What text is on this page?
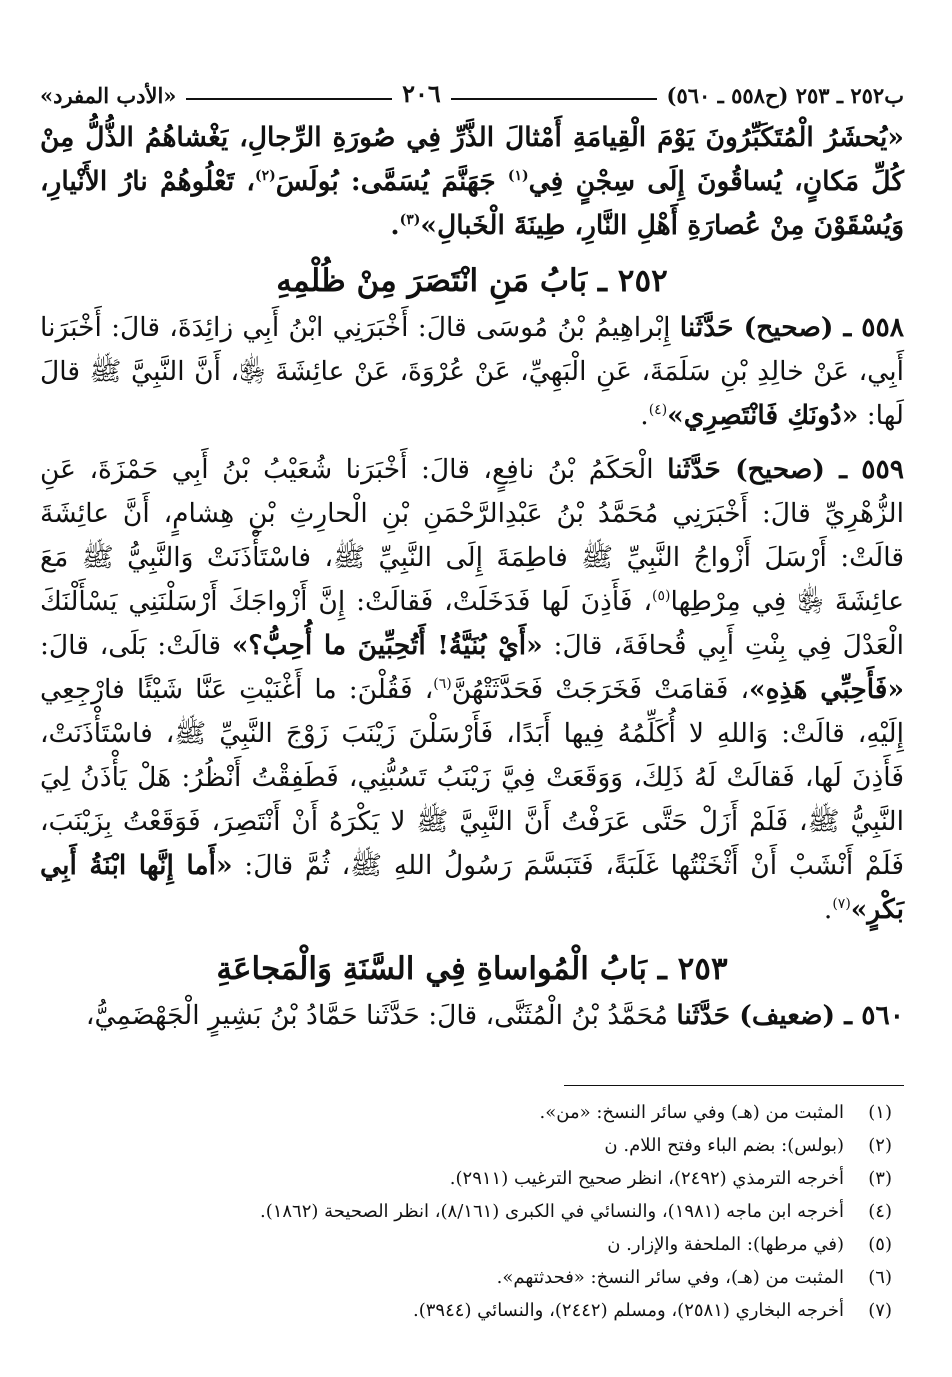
ب٢٥٢ ـ ٢٥٣ (ح٥٥٨ ـ ٥٦٠)
٢٠٦
«الأدب المفرد»

«يُحشَرُ الْمُتَكَبِّرُونَ يَوْمَ الْقِيامَةِ أَمْثالَ الذَّرِّ فِي صُورَةِ الرِّجالِ، يَغْشاهُمُ الذُّلُّ مِنْ كُلِّ مَكانٍ، يُساقُونَ إِلَى سِجْنٍ فِي$^{(١)}$ جَهَنَّمَ يُسَمَّى: بُولَسَ$^{(٢)}$، تَعْلُوهُمْ نارُ الأَنْيارِ، وَيُسْقَوْنَ مِنْ عُصارَةِ أَهْلِ النَّارِ، طِينَةَ الْخَبالِ»$^{(٣)}$.

٢٥٢ ـ بَابُ مَنِ انْتَصَرَ مِنْ ظُلْمِهِ

٥٥٨ ـ (صحيح) حَدَّثَنا إِبْراهِيمُ بْنُ مُوسَى قالَ: أَخْبَرَنِي ابْنُ أَبِي زائِدَةَ، قالَ: أَخْبَرَنا أَبِي، عَنْ خالِدِ بْنِ سَلَمَةَ، عَنِ الْبَهِيِّ، عَنْ عُرْوَةَ، عَنْ عائِشَةَ ﵂، أَنَّ النَّبِيَّ ﷺ قالَ لَها: «دُونَكِ فَانْتَصِرِي»$^{(٤)}$.

٥٥٩ ـ (صحيح) حَدَّثَنا الْحَكَمُ بْنُ نافِعٍ، قالَ: أَخْبَرَنا شُعَيْبُ بْنُ أَبِي حَمْزَةَ، عَنِ الزُّهْرِيِّ قالَ: أَخْبَرَنِي مُحَمَّدُ بْنُ عَبْدِالرَّحْمَنِ بْنِ الْحارِثِ بْنِ هِشامٍ، أَنَّ عائِشَةَ قالَتْ: أَرْسَلَ أَزْواجُ النَّبِيِّ ﷺ فاطِمَةَ إِلَى النَّبِيِّ ﷺ، فاسْتَأْذَنَتْ وَالنَّبِيُّ ﷺ مَعَ عائِشَةَ ﵂ فِي مِرْطِها$^{(٥)}$، فَأَذِنَ لَها فَدَخَلَتْ، فَقالَتْ: إِنَّ أَزْواجَكَ أَرْسَلْنَنِي يَسْأَلْنَكَ الْعَدْلَ فِي بِنْتِ أَبِي قُحافَةَ، قالَ: «أَيْ بُنَيَّةُ! أَتُحِبِّينَ ما أُحِبُّ؟» قالَتْ: بَلَى، قالَ: «فَأَحِبِّي هَذِهِ»، فَقامَتْ فَخَرَجَتْ فَحَدَّثَتْهُنَّ$^{(٦)}$، فَقُلْنَ: ما أَغْنَيْتِ عَنَّا شَيْئًا فارْجِعِي إِلَيْهِ، قالَتْ: وَاللهِ لا أُكَلِّمُهُ فِيها أَبَدًا، فَأَرْسَلْنَ زَيْنَبَ زَوْجَ النَّبِيِّ ﷺ، فاسْتَأْذَنَتْ، فَأَذِنَ لَها، فَقالَتْ لَهُ ذَلِكَ، وَوَقَعَتْ فِيَّ زَيْنَبُ تَسُبُّنِي، فَطَفِقْتُ أَنْظُرُ: هَلْ يَأْذَنُ لِيَ النَّبِيُّ ﷺ، فَلَمْ أَزَلْ حَتَّى عَرَفْتُ أَنَّ النَّبِيَّ ﷺ لا يَكْرَهُ أَنْ أَنْتَصِرَ، فَوَقَعْتُ بِزَيْنَبَ، فَلَمْ أَنْشَبْ أَنْ أَثْخَنْتُها غَلَبَةً، فَتَبَسَّمَ رَسُولُ اللهِ ﷺ، ثُمَّ قالَ: «أَما إِنَّها ابْنَةُ أَبِي بَكْرٍ»$^{(٧)}$.

٢٥٣ ـ بَابُ الْمُواساةِ فِي السَّنَةِ وَالْمَجاعَةِ

٥٦٠ ـ (ضعيف) حَدَّثَنا مُحَمَّدُ بْنُ الْمُثَنَّى، قالَ: حَدَّثَنا حَمَّادُ بْنُ بَشِيرٍ الْجَهْضَمِيُّ،

(١)
المثبت من (هـ) وفي سائر النسخ: «من».
(٢)
(بولس): بضم الباء وفتح اللام. ن
(٣)
أخرجه الترمذي (٢٤٩٢)، انظر صحيح الترغيب (٢٩١١).
(٤)
أخرجه ابن ماجه (١٩٨١)، والنسائي في الكبرى (٨/١٦١)، انظر الصحيحة (١٨٦٢).
(٥)
(في مرطها): الملحفة والإزار. ن
(٦)
المثبت من (هـ)، وفي سائر النسخ: «فحدثتهم».
(٧)
أخرجه البخاري (٢٥٨١)، ومسلم (٢٤٤٢)، والنسائي (٣٩٤٤).
